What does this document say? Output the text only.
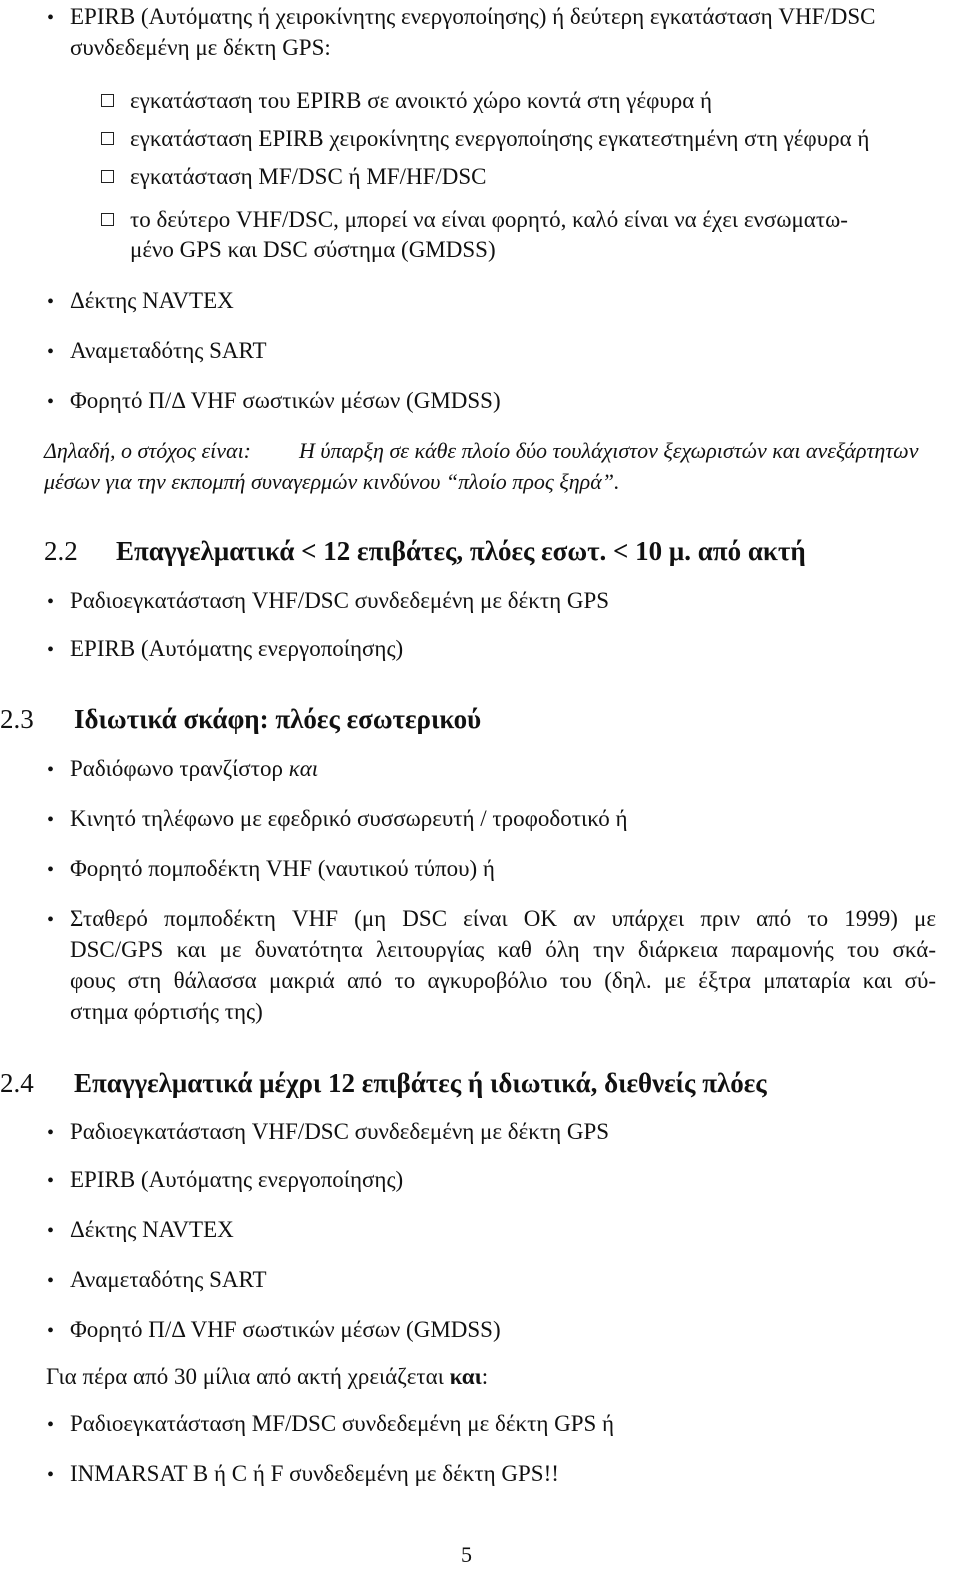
• EPIRB (Αυτόματης ή χειροκίνητης ενεργοποίησης) ή δεύτερη εγκατάσταση VHF/DSC
συνδεδεμένη με δέκτη GPS:
εγκατάσταση του EPIRB σε ανοικτό χώρο κοντά στη γέφυρα ή
εγκατάσταση EPIRB χειροκίνητης ενεργοποίησης εγκατεστημένη στη γέφυρα ή
εγκατάσταση MF/DSC ή MF/HF/DSC
το δεύτερο VHF/DSC, μπορεί να είναι φορητό, καλό είναι να έχει ενσωματω-
μένο GPS και DSC σύστημα (GMDSS)
• Δέκτης NAVTEX
• Αναμεταδότης SART
• Φορητό Π/Δ VHF σωστικών μέσων (GMDSS)
Δηλαδή, ο στόχος είναι: Η ύπαρξη σε κάθε πλοίο δύο τουλάχιστον ξεχωριστών και ανεξάρτητων
μέσων για την εκπομπή συναγερμών κινδύνου “πλοίο προς ξηρά”.
2.2 Επαγγελματικά < 12 επιβάτες, πλόες εσωτ. < 10 μ. από ακτή
• Ραδιοεγκατάσταση VHF/DSC συνδεδεμένη με δέκτη GPS
• EPIRB (Αυτόματης ενεργοποίησης)
2.3 Ιδιωτικά σκάφη: πλόες εσωτερικού
• Ραδιόφωνο τρανζίστορ και
• Κινητό τηλέφωνο με εφεδρικό συσσωρευτή / τροφοδοτικό ή
• Φορητό πομποδέκτη VHF (ναυτικού τύπου) ή
• Σταθερό πομποδέκτη VHF (μη DSC είναι OK αν υπάρχει πριν από το 1999) με
DSC/GPS και με δυνατότητα λειτουργίας καθ όλη την διάρκεια παραμονής του σκά-
φους στη θάλασσα μακριά από το αγκυροβόλιο του (δηλ. με έξτρα μπαταρία και σύ-
στημα φόρτισής της)
2.4 Επαγγελματικά μέχρι 12 επιβάτες ή ιδιωτικά, διεθνείς πλόες
• Ραδιοεγκατάσταση VHF/DSC συνδεδεμένη με δέκτη GPS
• EPIRB (Αυτόματης ενεργοποίησης)
• Δέκτης NAVTEX
• Αναμεταδότης SART
• Φορητό Π/Δ VHF σωστικών μέσων (GMDSS)
Για πέρα από 30 μίλια από ακτή χρειάζεται και:
• Ραδιοεγκατάσταση MF/DSC συνδεδεμένη με δέκτη GPS ή
• INMARSAT B ή C ή F συνδεδεμένη με δέκτη GPS!!
5
